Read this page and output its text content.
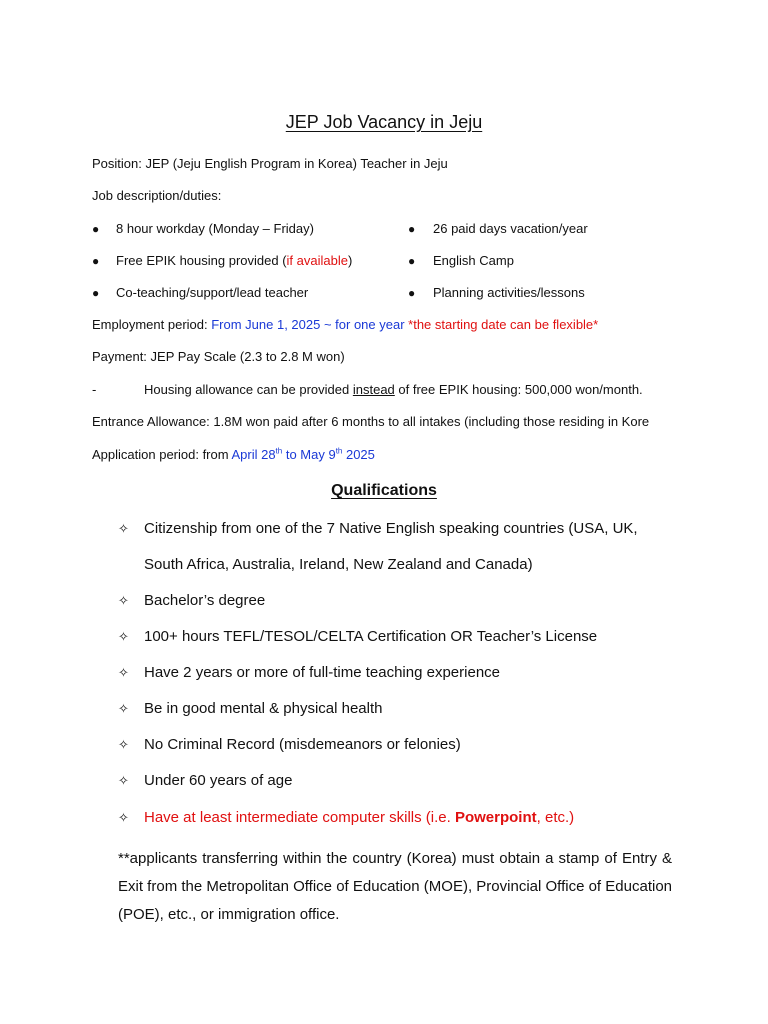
JEP Job Vacancy in Jeju
Position: JEP (Jeju English Program in Korea) Teacher in Jeju
Job description/duties:
● 8 hour workday (Monday – Friday)
● Free EPIK housing provided (if available)
● Co-teaching/support/lead teacher
● 26 paid days vacation/year
● English Camp
● Planning activities/lessons
Employment period: From June 1, 2025 ~ for one year *the starting date can be flexible*
Payment: JEP Pay Scale (2.3 to 2.8 M won)
-	Housing allowance can be provided instead of free EPIK housing: 500,000 won/month.
Entrance Allowance: 1.8M won paid after 6 months to all intakes (including those residing in Kore
Application period: from April 28th to May 9th 2025
Qualifications
✧ Citizenship from one of the 7 Native English speaking countries (USA, UK,
South Africa, Australia, Ireland, New Zealand and Canada)
✧ Bachelor’s degree
✧ 100+ hours TEFL/TESOL/CELTA Certification OR Teacher’s License
✧ Have 2 years or more of full-time teaching experience
✧ Be in good mental & physical health
✧ No Criminal Record (misdemeanors or felonies)
✧ Under 60 years of age
✧ Have at least intermediate computer skills (i.e. Powerpoint, etc.)
**applicants transferring within the country (Korea) must obtain a stamp of Entry & Exit from the Metropolitan Office of Education (MOE), Provincial Office of Education (POE), etc., or immigration office.
